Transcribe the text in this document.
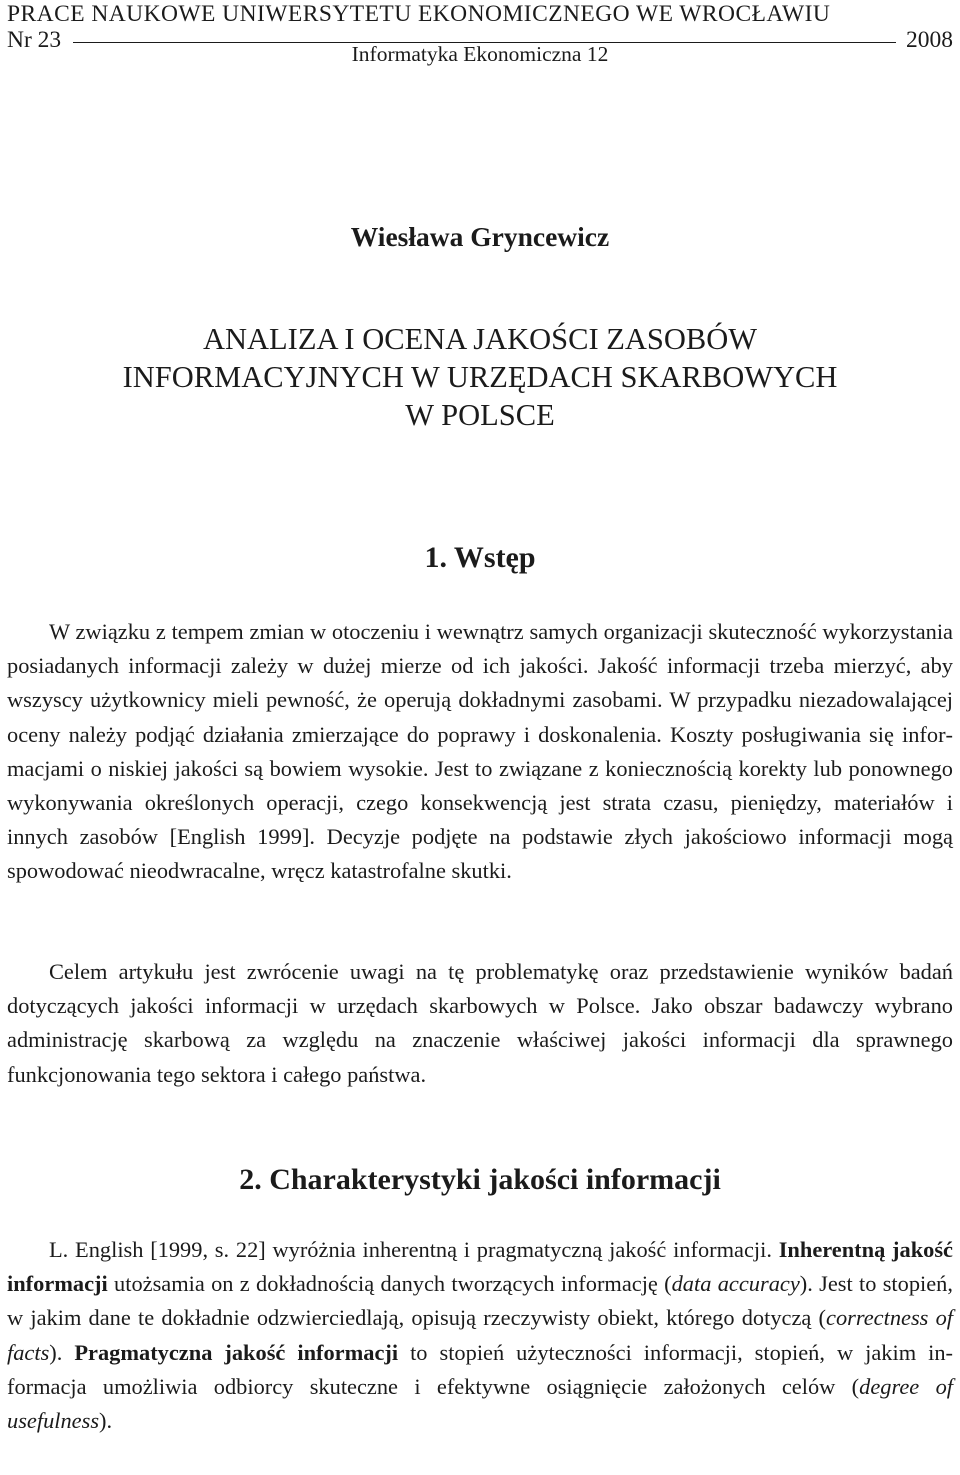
PRACE NAUKOWE UNIWERSYTETU EKONOMICZNEGO WE WROCŁAWIU
Nr 23	2008
Informatyka Ekonomiczna 12
Wiesława Gryncewicz
ANALIZA I OCENA JAKOŚCI ZASOBÓW
INFORMACYJNYCH W URZĘDACH SKARBOWYCH
W POLSCE
1. Wstęp

W związku z tempem zmian w otoczeniu i wewnątrz samych organizacji skuteczność wykorzystania posiadanych informacji zależy w dużej mierze od ich jakości. Jakość informacji trzeba mierzyć, aby wszyscy użytkownicy mieli pewność, że operują dokładnymi zasobami. W przypadku niezadowalającej oceny należy podjąć działania zmierzające do poprawy i doskonalenia. Koszty posługiwania się informacjami o niskiej jakości są bowiem wysokie. Jest to związane z koniecznością korekty lub ponownego wykonywania określonych operacji, czego konsekwencją jest strata czasu, pieniędzy, materiałów i innych zasobów [English 1999]. Decyzje podjęte na podstawie złych jakościowo informacji mogą spowodować nieodwracalne, wręcz katastrofalne skutki.

Celem artykułu jest zwrócenie uwagi na tę problematykę oraz przedstawienie wyników badań dotyczących jakości informacji w urzędach skarbowych w Polsce. Jako obszar badawczy wybrano administrację skarbową za względu na znaczenie właściwej jakości informacji dla sprawnego funkcjonowania tego sektora i całego państwa.

2. Charakterystyki jakości informacji

L. English [1999, s. 22] wyróżnia inherentną i pragmatyczną jakość informacji. Inherentną jakość informacji utożsamia on z dokładnością danych tworzących informację (data accuracy). Jest to stopień, w jakim dane te dokładnie odzwierciedlają, opisują rzeczywisty obiekt, którego dotyczą (correctness of facts). Pragmatyczna jakość informacji to stopień użyteczności informacji, stopień, w jakim informacja umożliwia odbiorcy skuteczne i efektywne osiągnięcie założonych celów (degree of usefulness).
